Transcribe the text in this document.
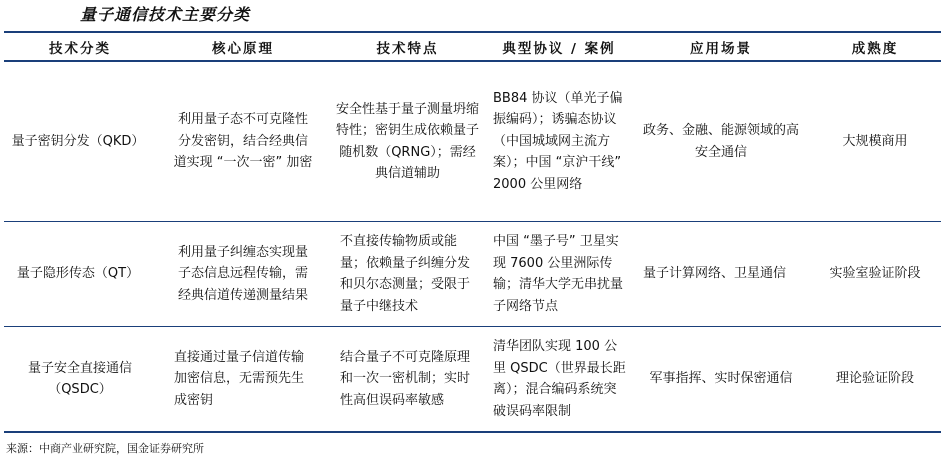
量子通信技术主要分类
技术分类	核心原理	技术特点	典型协议 / 案例	应用场景	成熟度
量子密钥分发（QKD）	利用量子态不可克隆性分发密钥，结合经典信道实现 “一次一密” 加密	安全性基于量子测量坍缩特性；密钥生成依赖量子随机数（QRNG）；需经典信道辅助	BB84 协议（单光子偏振编码）；诱骗态协议（中国城域网主流方案）；中国 “京沪干线” 2000 公里网络	政务、金融、能源领域的高安全通信	大规模商用
量子隐形传态（QT）	利用量子纠缠态实现量子态信息远程传输，需经典信道传递测量结果	不直接传输物质或能量；依赖量子纠缠分发和贝尔态测量；受限于量子中继技术	中国 “墨子号” 卫星实现 7600 公里洲际传输；清华大学无串扰量子网络节点	量子计算网络、卫星通信	实验室验证阶段
量子安全直接通信（QSDC）	直接通过量子信道传输加密信息，无需预先生成密钥	结合量子不可克隆原理和一次一密机制；实时性高但误码率敏感	清华团队实现 100 公里 QSDC（世界最长距离）；混合编码系统突破误码率限制	军事指挥、实时保密通信	理论验证阶段
来源：中商产业研究院，国金证券研究所
